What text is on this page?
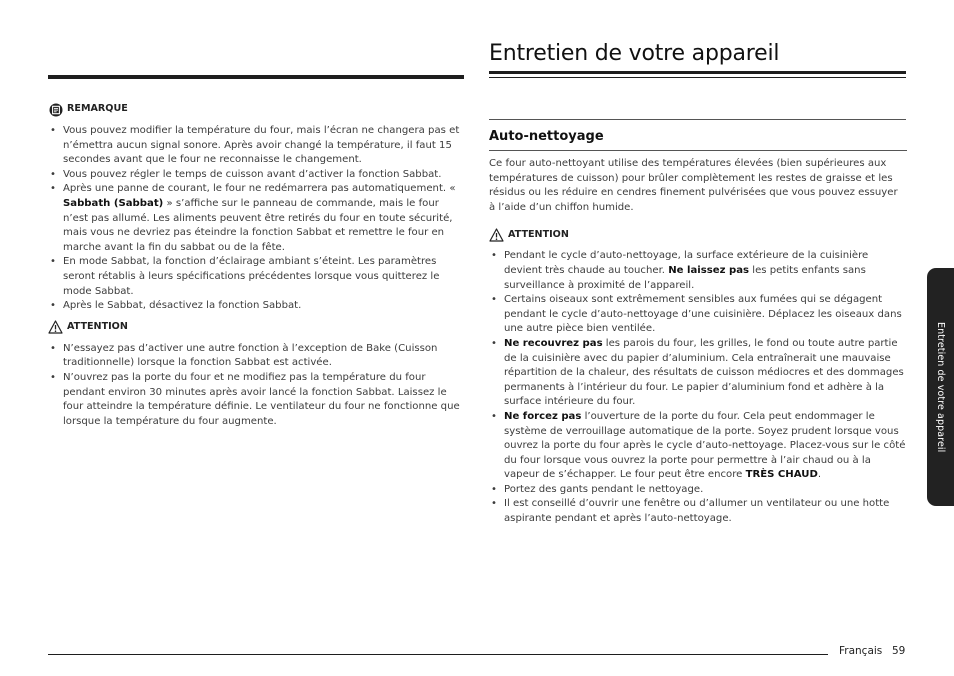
Entretien de votre appareil
REMARQUE
• Vous pouvez modifier la température du four, mais l’écran ne changera pas et n’émettra aucun signal sonore. Après avoir changé la température, il faut 15 secondes avant que le four ne reconnaisse le changement.
• Vous pouvez régler le temps de cuisson avant d’activer la fonction Sabbat.
• Après une panne de courant, le four ne redémarrera pas automatiquement. « Sabbath (Sabbat) » s’affiche sur le panneau de commande, mais le four n’est pas allumé. Les aliments peuvent être retirés du four en toute sécurité, mais vous ne devriez pas éteindre la fonction Sabbat et remettre le four en marche avant la fin du sabbat ou de la fête.
• En mode Sabbat, la fonction d’éclairage ambiant s’éteint. Les paramètres seront rétablis à leurs spécifications précédentes lorsque vous quitterez le mode Sabbat.
• Après le Sabbat, désactivez la fonction Sabbat.
ATTENTION
• N’essayez pas d’activer une autre fonction à l’exception de Bake (Cuisson traditionnelle) lorsque la fonction Sabbat est activée.
• N’ouvrez pas la porte du four et ne modifiez pas la température du four pendant environ 30 minutes après avoir lancé la fonction Sabbat. Laissez le four atteindre la température définie. Le ventilateur du four ne fonctionne que lorsque la température du four augmente.
Auto-nettoyage

Ce four auto-nettoyant utilise des températures élevées (bien supérieures aux températures de cuisson) pour brûler complètement les restes de graisse et les résidus ou les réduire en cendres finement pulvérisées que vous pouvez essuyer à l’aide d’un chiffon humide.

ATTENTION
• Pendant le cycle d’auto-nettoyage, la surface extérieure de la cuisinière devient très chaude au toucher. Ne laissez pas les petits enfants sans surveillance à proximité de l’appareil.
• Certains oiseaux sont extrêmement sensibles aux fumées qui se dégagent pendant le cycle d’auto-nettoyage d’une cuisinière. Déplacez les oiseaux dans une autre pièce bien ventilée.
• Ne recouvrez pas les parois du four, les grilles, le fond ou toute autre partie de la cuisinière avec du papier d’aluminium. Cela entraînerait une mauvaise répartition de la chaleur, des résultats de cuisson médiocres et des dommages permanents à l’intérieur du four. Le papier d’aluminium fond et adhère à la surface intérieure du four.
• Ne forcez pas l’ouverture de la porte du four. Cela peut endommager le système de verrouillage automatique de la porte. Soyez prudent lorsque vous ouvrez la porte du four après le cycle d’auto-nettoyage. Placez-vous sur le côté du four lorsque vous ouvrez la porte pour permettre à l’air chaud ou à la vapeur de s’échapper. Le four peut être encore TRÈS CHAUD.
• Portez des gants pendant le nettoyage.
• Il est conseillé d’ouvrir une fenêtre ou d’allumer un ventilateur ou une hotte aspirante pendant et après l’auto-nettoyage.
Entretien de votre appareil
Français 59
